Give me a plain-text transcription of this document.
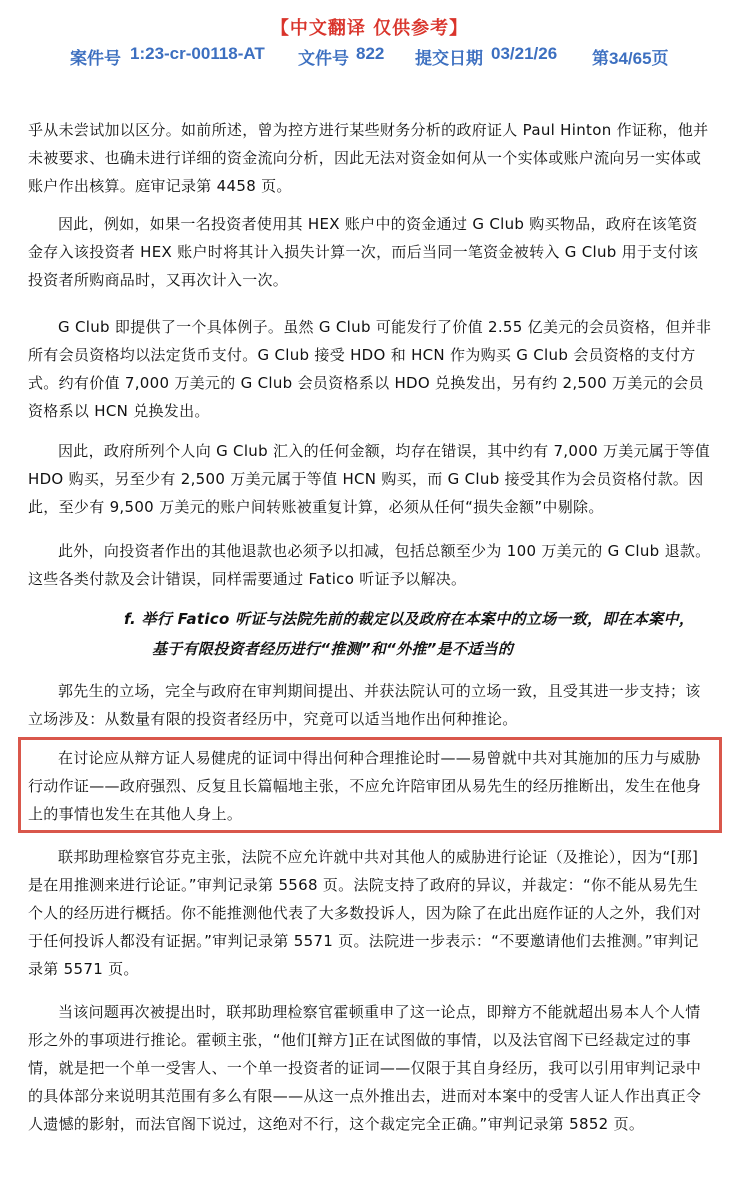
【中文翻译 仅供参考】
案件号 1:23-cr-00118-AT 文件号 822 提交日期 03/21/26 第34/65页

乎从未尝试加以区分。如前所述，曾为控方进行某些财务分析的政府证人 Paul Hinton 作证称，他并未被要求、也确未进行详细的资金流向分析，因此无法对资金如何从一个实体或账户流向另一实体或账户作出核算。庭审记录第 4458 页。

因此，例如，如果一名投资者使用其 HEX 账户中的资金通过 G Club 购买物品，政府在该笔资金存入该投资者 HEX 账户时将其计入损失计算一次，而后当同一笔资金被转入 G Club 用于支付该投资者所购商品时，又再次计入一次。

G Club 即提供了一个具体例子。虽然 G Club 可能发行了价值 2.55 亿美元的会员资格，但并非所有会员资格均以法定货币支付。G Club 接受 HDO 和 HCN 作为购买 G Club 会员资格的支付方式。约有价值 7,000 万美元的 G Club 会员资格系以 HDO 兑换发出，另有约 2,500 万美元的会员资格系以 HCN 兑换发出。

因此，政府所列个人向 G Club 汇入的任何金额，均存在错误，其中约有 7,000 万美元属于等值 HDO 购买，另至少有 2,500 万美元属于等值 HCN 购买，而 G Club 接受其作为会员资格付款。因此，至少有 9,500 万美元的账户间转账被重复计算，必须从任何“损失金额”中剔除。

此外，向投资者作出的其他退款也必须予以扣减，包括总额至少为 100 万美元的 G Club 退款。这些各类付款及会计错误，同样需要通过 Fatico 听证予以解决。

f. 举行 Fatico 听证与法院先前的裁定以及政府在本案中的立场一致，即在本案中，
基于有限投资者经历进行“推测”和“外推”是不适当的

郭先生的立场，完全与政府在审判期间提出、并获法院认可的立场一致，且受其进一步支持；该立场涉及：从数量有限的投资者经历中，究竟可以适当地作出何种推论。

在讨论应从辩方证人易健虎的证词中得出何种合理推论时——易曾就中共对其施加的压力与威胁行动作证——政府强烈、反复且长篇幅地主张，不应允许陪审团从易先生的经历推断出，发生在他身上的事情也发生在其他人身上。

联邦助理检察官芬克主张，法院不应允许就中共对其他人的威胁进行论证（及推论），因为“[那]是在用推测来进行论证。”审判记录第 5568 页。法院支持了政府的异议，并裁定：“你不能从易先生个人的经历进行概括。你不能推测他代表了大多数投诉人，因为除了在此出庭作证的人之外，我们对于任何投诉人都没有证据。”审判记录第 5571 页。法院进一步表示：“不要邀请他们去推测。”审判记录第 5571 页。

当该问题再次被提出时，联邦助理检察官霍顿重申了这一论点，即辩方不能就超出易本人个人情形之外的事项进行推论。霍顿主张，“他们[辩方]正在试图做的事情，以及法官阁下已经裁定过的事情，就是把一个单一受害人、一个单一投资者的证词——仅限于其自身经历，我可以引用审判记录中的具体部分来说明其范围有多么有限——从这一点外推出去，进而对本案中的受害人证人作出真正令人遗憾的影射，而法官阁下说过，这绝对不行，这个裁定完全正确。”审判记录第 5852 页。
